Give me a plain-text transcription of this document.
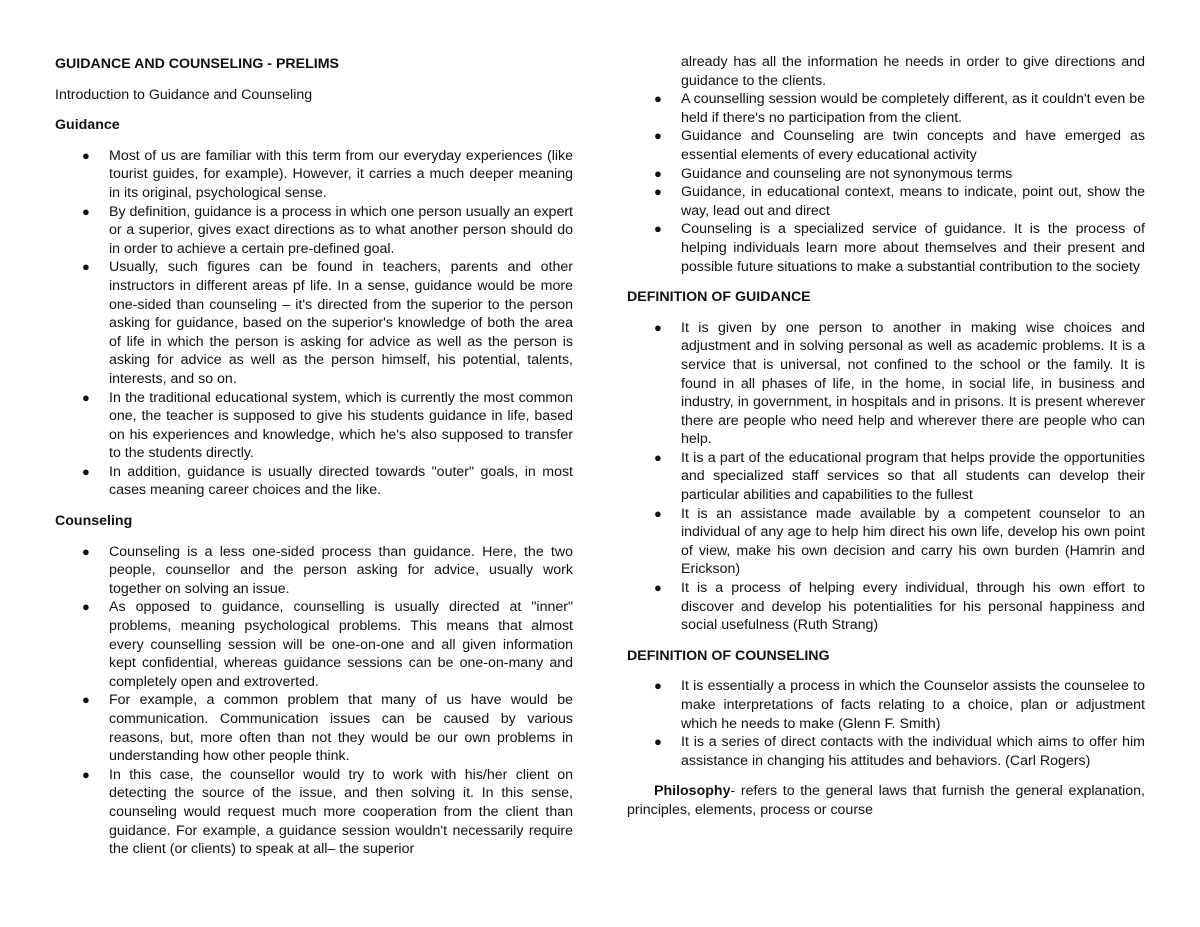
GUIDANCE AND COUNSELING - PRELIMS

Introduction to Guidance and Counseling

Guidance

● Most of us are familiar with this term from our everyday experiences (like tourist guides, for example). However, it carries a much deeper meaning in its original, psychological sense.
● By definition, guidance is a process in which one person usually an expert or a superior, gives exact directions as to what another person should do in order to achieve a certain pre-defined goal.
● Usually, such figures can be found in teachers, parents and other instructors in different areas pf life. In a sense, guidance would be more one-sided than counseling – it's directed from the superior to the person asking for guidance, based on the superior's knowledge of both the area of life in which the person is asking for advice as well as the person is asking for advice as well as the person himself, his potential, talents, interests, and so on.
● In the traditional educational system, which is currently the most common one, the teacher is supposed to give his students guidance in life, based on his experiences and knowledge, which he's also supposed to transfer to the students directly.
● In addition, guidance is usually directed towards "outer" goals, in most cases meaning career choices and the like.

Counseling

● Counseling is a less one-sided process than guidance. Here, the two people, counsellor and the person asking for advice, usually work together on solving an issue.
● As opposed to guidance, counselling is usually directed at "inner" problems, meaning psychological problems. This means that almost every counselling session will be one-on-one and all given information kept confidential, whereas guidance sessions can be one-on-many and completely open and extroverted.
● For example, a common problem that many of us have would be communication. Communication issues can be caused by various reasons, but, more often than not they would be our own problems in understanding how other people think.
● In this case, the counsellor would try to work with his/her client on detecting the source of the issue, and then solving it. In this sense, counseling would request much more cooperation from the client than guidance. For example, a guidance session wouldn't necessarily require the client (or clients) to speak at all– the superior
already has all the information he needs in order to give directions and guidance to the clients.
● A counselling session would be completely different, as it couldn't even be held if there's no participation from the client.
● Guidance and Counseling are twin concepts and have emerged as essential elements of every educational activity
● Guidance and counseling are not synonymous terms
● Guidance, in educational context, means to indicate, point out, show the way, lead out and direct
● Counseling is a specialized service of guidance. It is the process of helping individuals learn more about themselves and their present and possible future situations to make a substantial contribution to the society

DEFINITION OF GUIDANCE

● It is given by one person to another in making wise choices and adjustment and in solving personal as well as academic problems. It is a service that is universal, not confined to the school or the family. It is found in all phases of life, in the home, in social life, in business and industry, in government, in hospitals and in prisons. It is present wherever there are people who need help and wherever there are people who can help.
● It is a part of the educational program that helps provide the opportunities and specialized staff services so that all students can develop their particular abilities and capabilities to the fullest
● It is an assistance made available by a competent counselor to an individual of any age to help him direct his own life, develop his own point of view, make his own decision and carry his own burden (Hamrin and Erickson)
● It is a process of helping every individual, through his own effort to discover and develop his potentialities for his personal happiness and social usefulness (Ruth Strang)

DEFINITION OF COUNSELING

● It is essentially a process in which the Counselor assists the counselee to make interpretations of facts relating to a choice, plan or adjustment which he needs to make (Glenn F. Smith)
● It is a series of direct contacts with the individual which aims to offer him assistance in changing his attitudes and behaviors. (Carl Rogers)

Philosophy- refers to the general laws that furnish the general explanation, principles, elements, process or course
